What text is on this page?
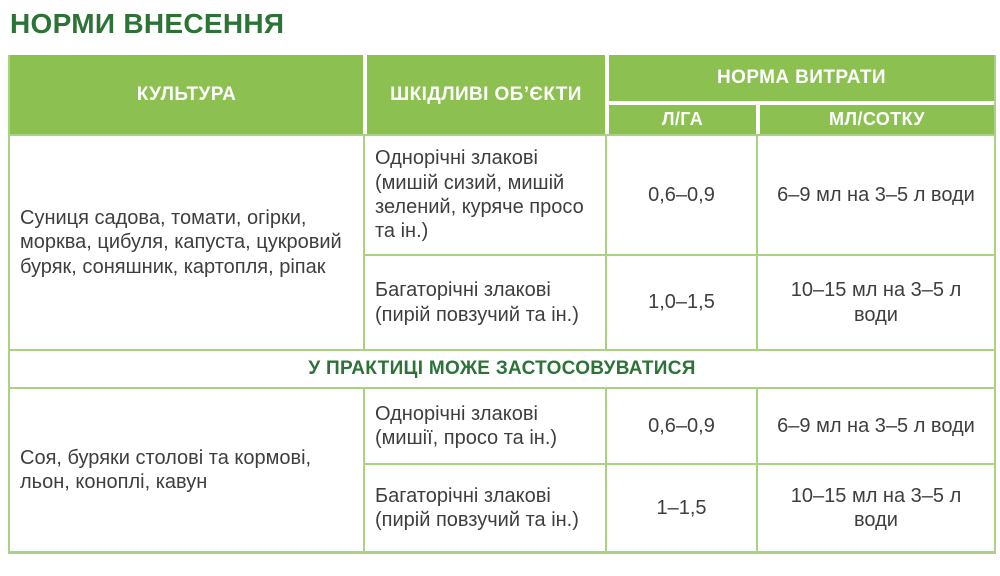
НОРМИ ВНЕСЕННЯ
КУЛЬТУРА	ШКІДЛИВІ ОБ’ЄКТИ	НОРМА ВИТРАТИ	
		Л/ГА	МЛ/СОТКУ
Суниця садова, томати, огірки, морква, цибуля, капуста, цукровий буряк, соняшник, картопля, ріпак	Однорічні злакові (мишій сизий, мишій зелений, куряче просо та ін.)	0,6–0,9	6–9 мл на 3–5 л води
	Багаторічні злакові (пирій повзучий та ін.)	1,0–1,5	10–15 мл на 3–5 л води
У ПРАКТИЦІ МОЖЕ ЗАСТОСОВУВАТИСЯ			
Соя, буряки столові та кормові, льон, коноплі, кавун	Однорічні злакові (мишії, просо та ін.)	0,6–0,9	6–9 мл на 3–5 л води
	Багаторічні злакові (пирій повзучий та ін.)	1–1,5	10–15 мл на 3–5 л води
